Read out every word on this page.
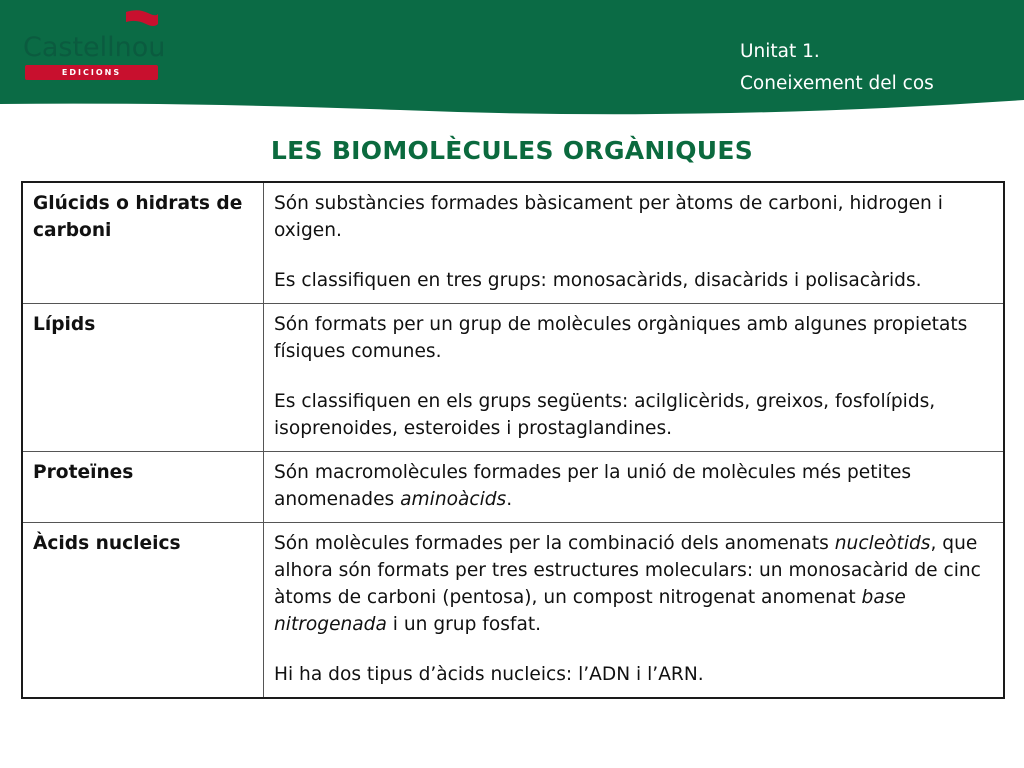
Castellnou
EDICIONS
Unitat 1.
Coneixement del cos
LES BIOMOLÈCULES ORGÀNIQUES
Glúcids o hidrats de carboni	Són substàncies formades bàsicament per àtoms de carboni, hidrogen i oxigen.

Es classifiquen en tres grups: monosacàrids, disacàrids i polisacàrids.

Lípids	Són formats per un grup de molècules orgàniques amb algunes propietats físiques comunes.

Es classifiquen en els grups següents: acilglicèrids, greixos, fosfolípids, isoprenoides, esteroides i prostaglandines.

Proteïnes	Són macromolècules formades per la unió de molècules més petites anomenades aminoàcids.

Àcids nucleics	Són molècules formades per la combinació dels anomenats nucleòtids, que alhora són formats per tres estructures moleculars: un monosacàrid de cinc àtoms de carboni (pentosa), un compost nitrogenat anomenat base nitrogenada i un grup fosfat.

Hi ha dos tipus d’àcids nucleics: l’ADN i l’ARN.
